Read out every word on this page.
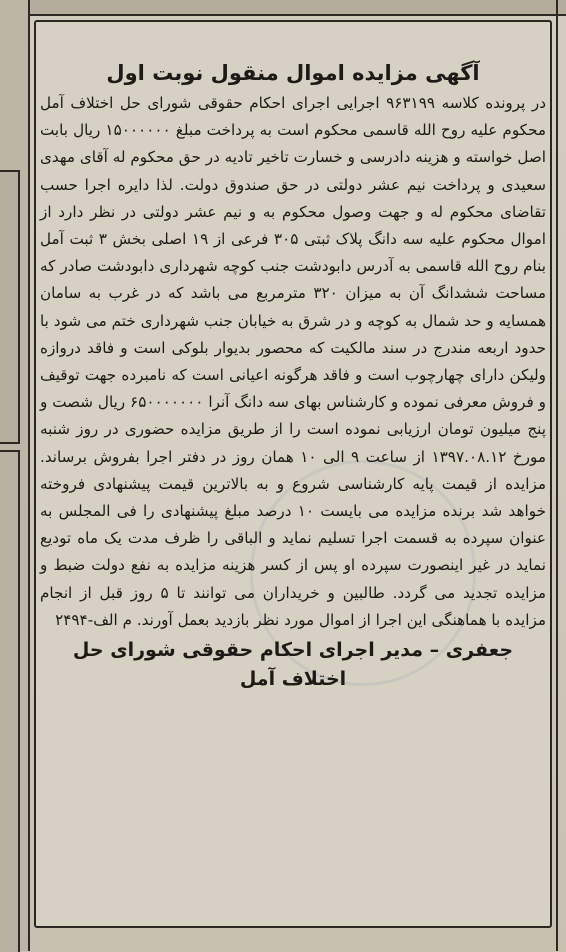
آگهی مزایده اموال منقول نوبت اول

در پرونده کلاسه ۹۶۳۱۹۹ اجرایی اجرای احکام حقوقی شورای حل اختلاف آمل محکوم علیه روح الله قاسمی محکوم است به پرداخت مبلغ ۱۵۰۰۰۰۰۰ ریال بابت اصل خواسته و هزینه دادرسی و خسارت تاخیر تادیه در حق محکوم له آقای مهدی سعیدی و پرداخت نیم عشر دولتی در حق صندوق دولت. لذا دایره اجرا حسب تقاضای محکوم له و جهت وصول محکوم به و نیم عشر دولتی در نظر دارد از اموال محکوم علیه سه دانگ پلاک ثبتی ۳۰۵ فرعی از ۱۹ اصلی بخش ۳ ثبت آمل بنام روح الله قاسمی به آدرس دابودشت جنب کوچه شهرداری دابودشت صادر که مساحت ششدانگ آن به میزان ۳۲۰ مترمربع می باشد که در غرب به سامان همسایه و حد شمال به کوچه و در شرق به خیابان جنب شهرداری ختم می شود با حدود اربعه مندرج در سند مالکیت که محصور بدیوار بلوکی است و فاقد دروازه ولیکن دارای چهارچوب است و فاقد هرگونه اعیانی است که نامبرده جهت توقیف و فروش معرفی نموده و کارشناس بهای سه دانگ آنرا ۶۵۰۰۰۰۰۰۰ ریال شصت و پنج میلیون تومان ارزیابی نموده است را از طریق مزایده حضوری در روز شنبه مورخ ۱۳۹۷.۰۸.۱۲ از ساعت ۹ الی ۱۰ همان روز در دفتر اجرا بفروش برساند. مزایده از قیمت پایه کارشناسی شروع و به بالاترین قیمت پیشنهادی فروخته خواهد شد برنده مزایده می بایست ۱۰ درصد مبلغ پیشنهادی را فی المجلس به عنوان سپرده به قسمت اجرا تسلیم نماید و الباقی را ظرف مدت یک ماه تودیع نماید در غیر اینصورت سپرده او پس از کسر هزینه مزایده به نفع دولت ضبط و مزایده تجدید می گردد. طالبین و خریداران می توانند تا ۵ روز قبل از انجام مزایده با هماهنگی این اجرا از اموال مورد نظر بازدید بعمل آورند. م الف-۲۴۹۴

جعفری – مدیر اجرای احکام حقوقی شورای حل اختلاف آمل
